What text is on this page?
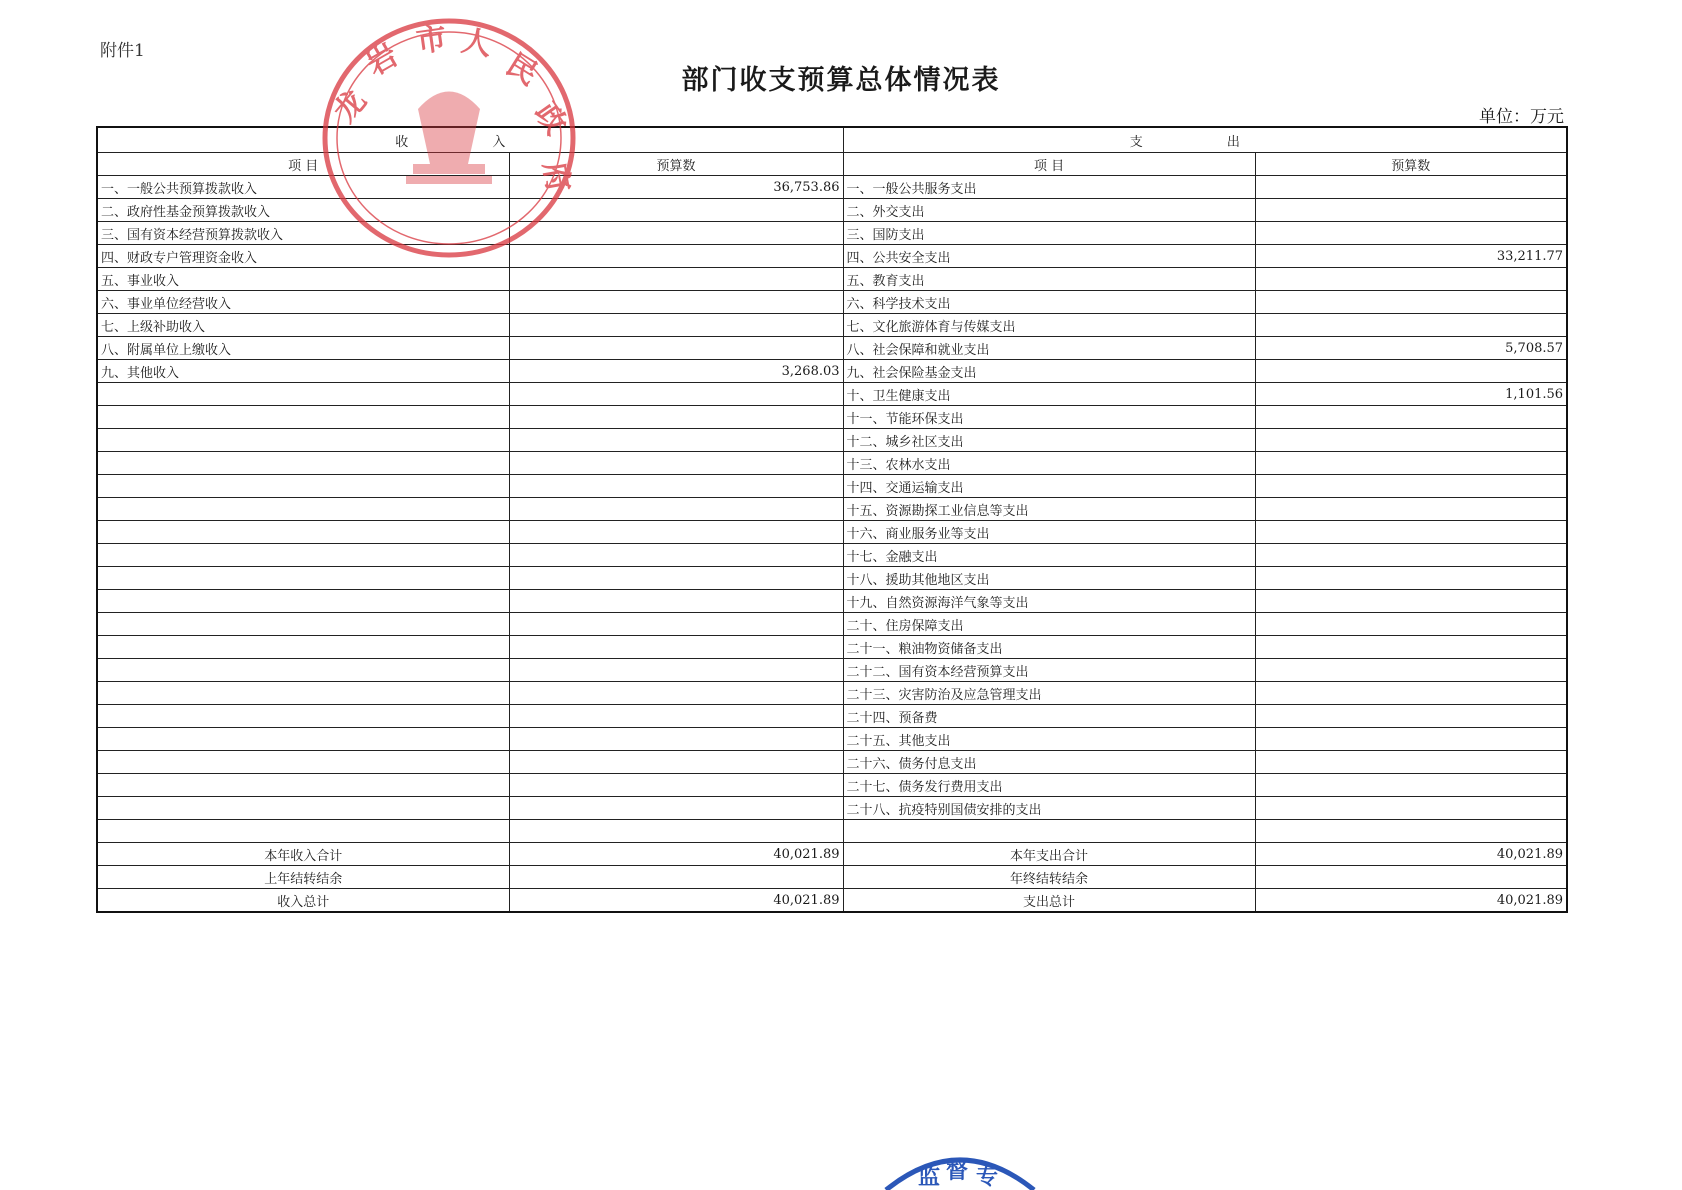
附件1
部门收支预算总体情况表
单位：万元
收 入		支 出	
项 目	预算数	项 目	预算数
一、一般公共预算拨款收入	36,753.86	一、一般公共服务支出	
二、政府性基金预算拨款收入		二、外交支出	
三、国有资本经营预算拨款收入		三、国防支出	
四、财政专户管理资金收入		四、公共安全支出	33,211.77
五、事业收入		五、教育支出	
六、事业单位经营收入		六、科学技术支出	
七、上级补助收入		七、文化旅游体育与传媒支出	
八、附属单位上缴收入		八、社会保障和就业支出	5,708.57
九、其他收入	3,268.03	九、社会保险基金支出	
		十、卫生健康支出	1,101.56
		十一、节能环保支出	
		十二、城乡社区支出	
		十三、农林水支出	
		十四、交通运输支出	
		十五、资源勘探工业信息等支出	
		十六、商业服务业等支出	
		十七、金融支出	
		十八、援助其他地区支出	
		十九、自然资源海洋气象等支出	
		二十、住房保障支出	
		二十一、粮油物资储备支出	
		二十二、国有资本经营预算支出	
		二十三、灾害防治及应急管理支出	
		二十四、预备费	
		二十五、其他支出	
		二十六、债务付息支出	
		二十七、债务发行费用支出	
		二十八、抗疫特别国债安排的支出	

本年收入合计	40,021.89	本年支出合计	40,021.89
上年结转结余		年终结转结余	
收入总计	40,021.89	支出总计	40,021.89
龙
岩 市 人
民
政
府
监 督 专
